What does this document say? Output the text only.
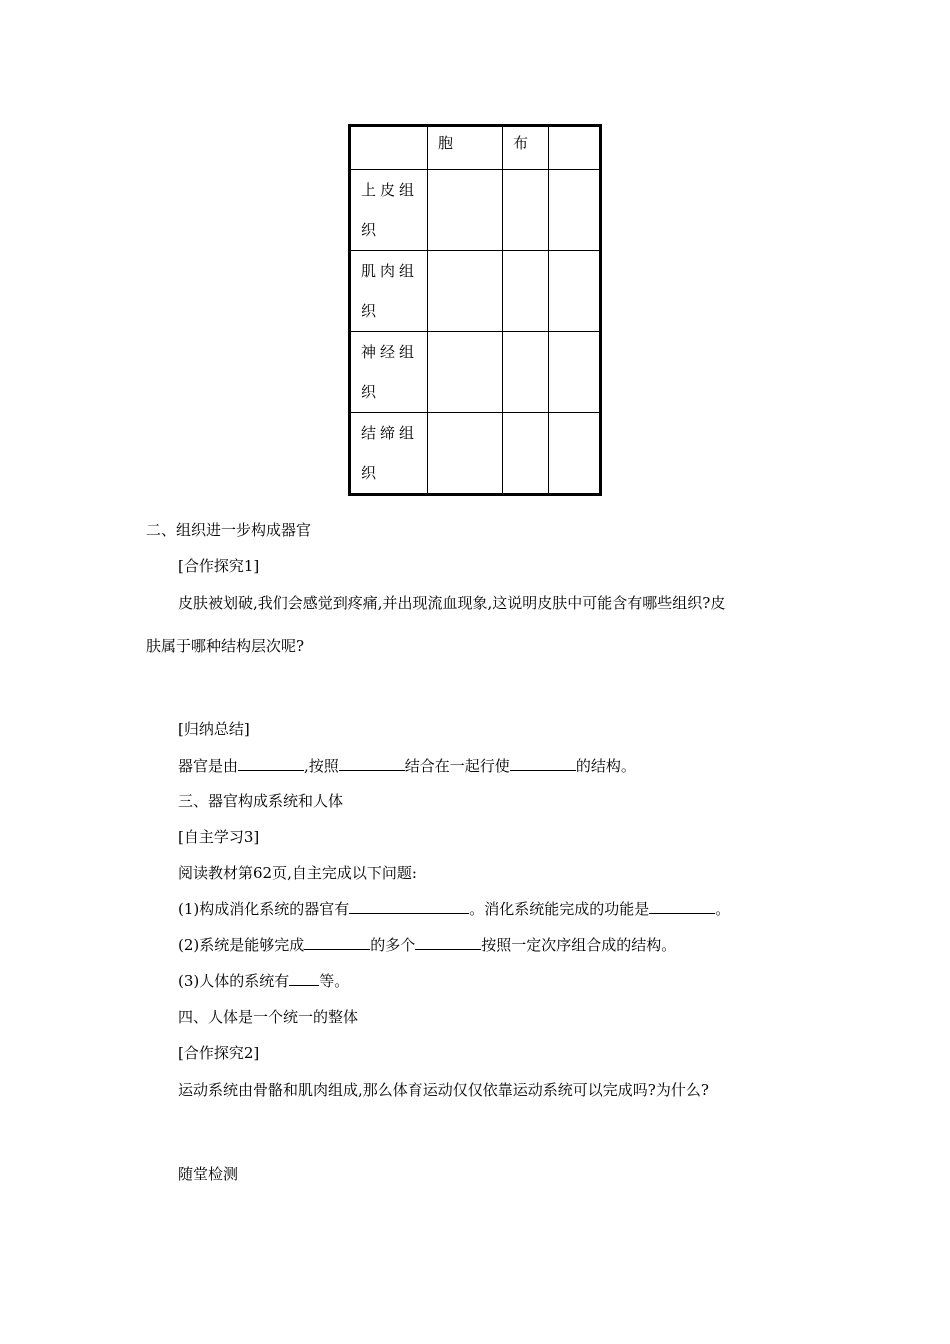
	胞	布	
上皮组
织			
肌肉组
织			
神经组
织			
结缔组
织			
二、组织进一步构成器官
[合作探究1]
皮肤被划破,我们会感觉到疼痛,并出现流血现象,这说明皮肤中可能含有哪些组织?皮
肤属于哪种结构层次呢?
[归纳总结]
器官是由	,按照	结合在一起行使	的结构。
三、器官构成系统和人体
[自主学习3]
阅读教材第62页,自主完成以下问题:
(1)构成消化系统的器官有	。消化系统能完成的功能是	。
(2)系统是能够完成	的多个	按照一定次序组合成的结构。
(3)人体的系统有 等。
四、人体是一个统一的整体
[合作探究2]
运动系统由骨骼和肌肉组成,那么体育运动仅仅依靠运动系统可以完成吗?为什么?
随堂检测
